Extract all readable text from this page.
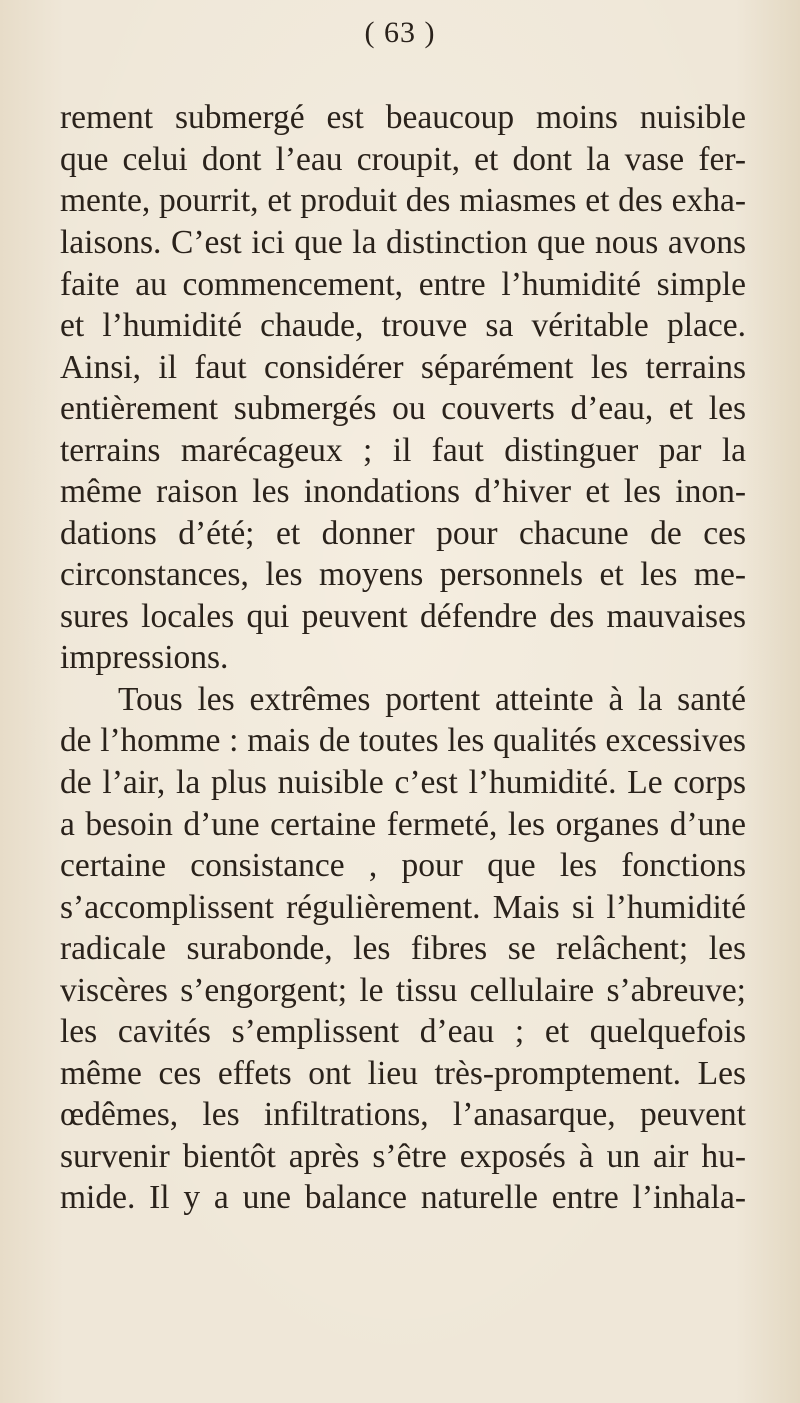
( 63 )
rement submergé est beaucoup moins nuisible
que celui dont l’eau croupit, et dont la vase fer-
mente, pourrit, et produit des miasmes et des exha-
laisons. C’est ici que la distinction que nous avons
faite au commencement, entre l’humidité simple
et l’humidité chaude, trouve sa véritable place.
Ainsi, il faut considérer séparément les terrains
entièrement submergés ou couverts d’eau, et les
terrains marécageux ; il faut distinguer par la
même raison les inondations d’hiver et les inon-
dations d’été; et donner pour chacune de ces
circonstances, les moyens personnels et les me-
sures locales qui peuvent défendre des mauvaises
impressions.
Tous les extrêmes portent atteinte à la santé
de l’homme : mais de toutes les qualités excessives
de l’air, la plus nuisible c’est l’humidité. Le corps
a besoin d’une certaine fermeté, les organes d’une
certaine consistance , pour que les fonctions
s’accomplissent régulièrement. Mais si l’humidité
radicale surabonde, les fibres se relâchent; les
viscères s’engorgent; le tissu cellulaire s’abreuve;
les cavités s’emplissent d’eau ; et quelquefois
même ces effets ont lieu très-promptement. Les
œdêmes, les infiltrations, l’anasarque, peuvent
survenir bientôt après s’être exposés à un air hu-
mide. Il y a une balance naturelle entre l’inhala-
